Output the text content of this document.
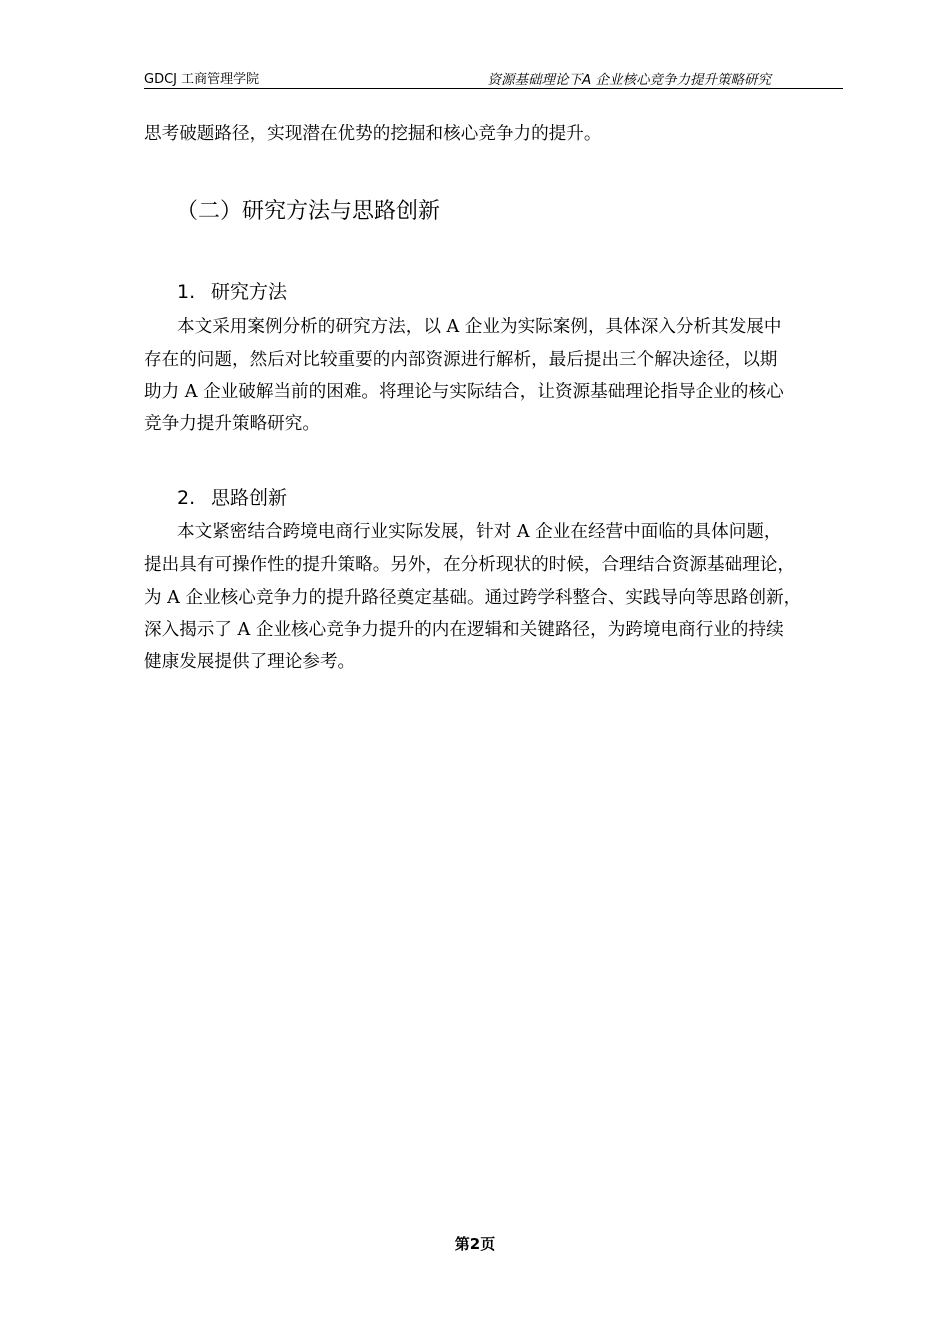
GDCJ 工商管理学院	资源基础理论下A 企业核心竞争力提升策略研究
思考破题路径，实现潜在优势的挖掘和核心竞争力的提升。
（二）研究方法与思路创新
1. 研究方法
本文采用案例分析的研究方法，以 A 企业为实际案例，具体深入分析其发展中
存在的问题，然后对比较重要的内部资源进行解析，最后提出三个解决途径，以期
助力 A 企业破解当前的困难。将理论与实际结合，让资源基础理论指导企业的核心
竞争力提升策略研究。
2. 思路创新
本文紧密结合跨境电商行业实际发展，针对 A 企业在经营中面临的具体问题，
提出具有可操作性的提升策略。另外，在分析现状的时候，合理结合资源基础理论，
为 A 企业核心竞争力的提升路径奠定基础。通过跨学科整合、实践导向等思路创新，
深入揭示了 A 企业核心竞争力提升的内在逻辑和关键路径，为跨境电商行业的持续
健康发展提供了理论参考。
第2页
